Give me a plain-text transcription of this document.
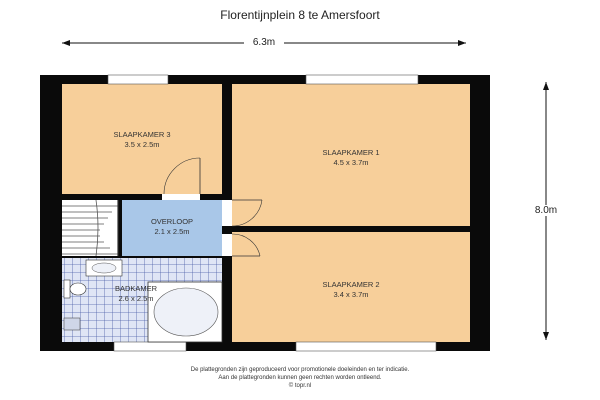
Florentijnplein 8 te Amersfoort
6.3m
8.0m
SLAAPKAMER 3
3.5 x 2.5m
SLAAPKAMER 1
4.5 x 3.7m
OVERLOOP
2.1 x 2.5m
BADKAMER
2.6 x 2.5m
SLAAPKAMER 2
3.4 x 3.7m
De plattegronden zijn geproduceerd voor promotionele doeleinden en ter indicatie.
Aan de plattegronden kunnen geen rechten worden ontleend.
© topr.nl
